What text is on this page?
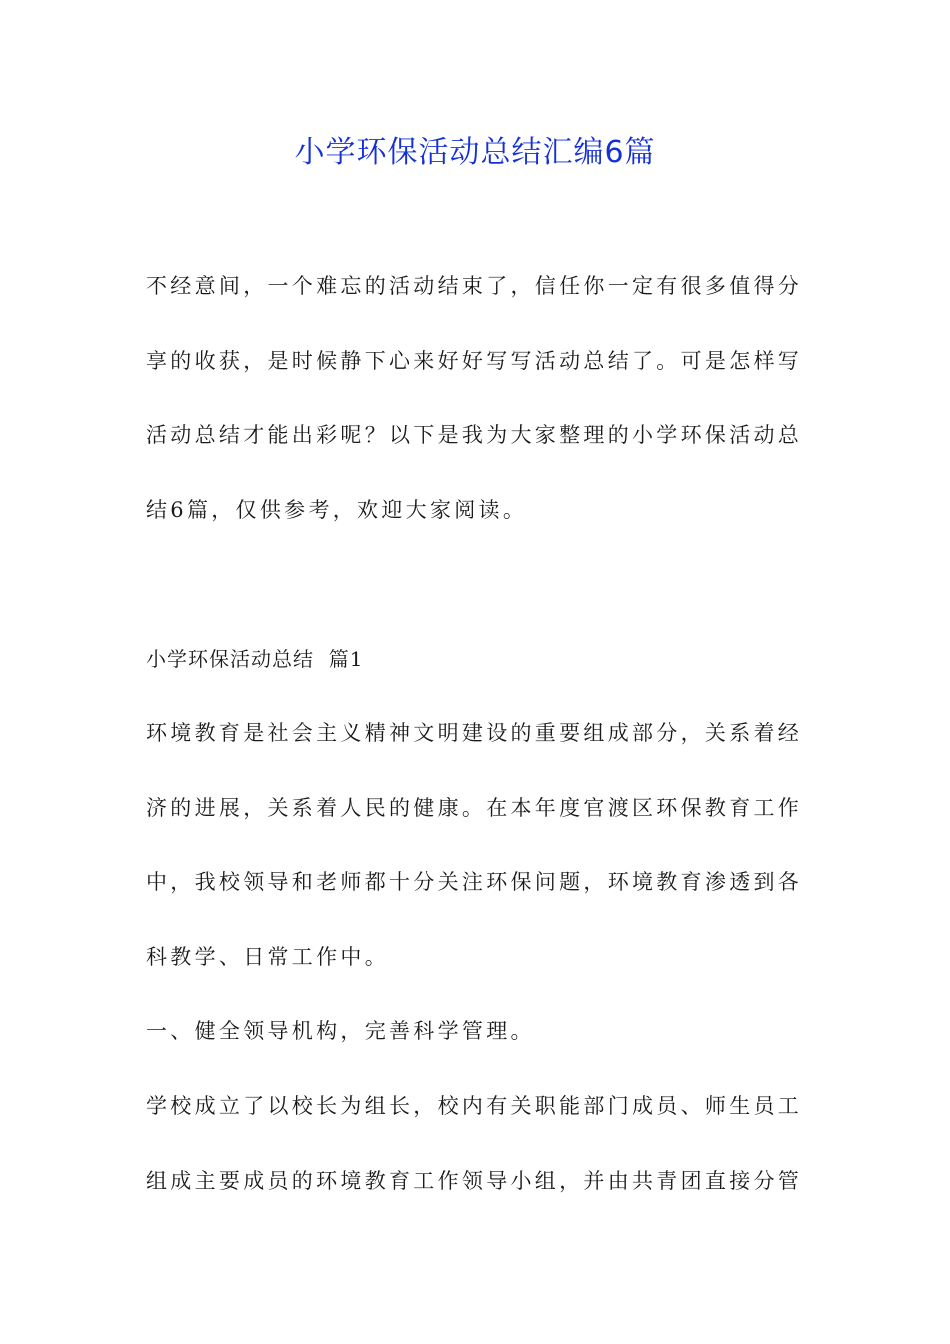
小学环保活动总结汇编6篇
不经意间，一个难忘的活动结束了，信任你一定有很多值得分
享的收获，是时候静下心来好好写写活动总结了。可是怎样写
活动总结才能出彩呢？以下是我为大家整理的小学环保活动总
结6篇，仅供参考，欢迎大家阅读。
小学环保活动总结  篇1
环境教育是社会主义精神文明建设的重要组成部分，关系着经
济的进展，关系着人民的健康。在本年度官渡区环保教育工作
中，我校领导和老师都十分关注环保问题，环境教育渗透到各
科教学、日常工作中。
一、健全领导机构，完善科学管理。
学校成立了以校长为组长，校内有关职能部门成员、师生员工
组成主要成员的环境教育工作领导小组，并由共青团直接分管
